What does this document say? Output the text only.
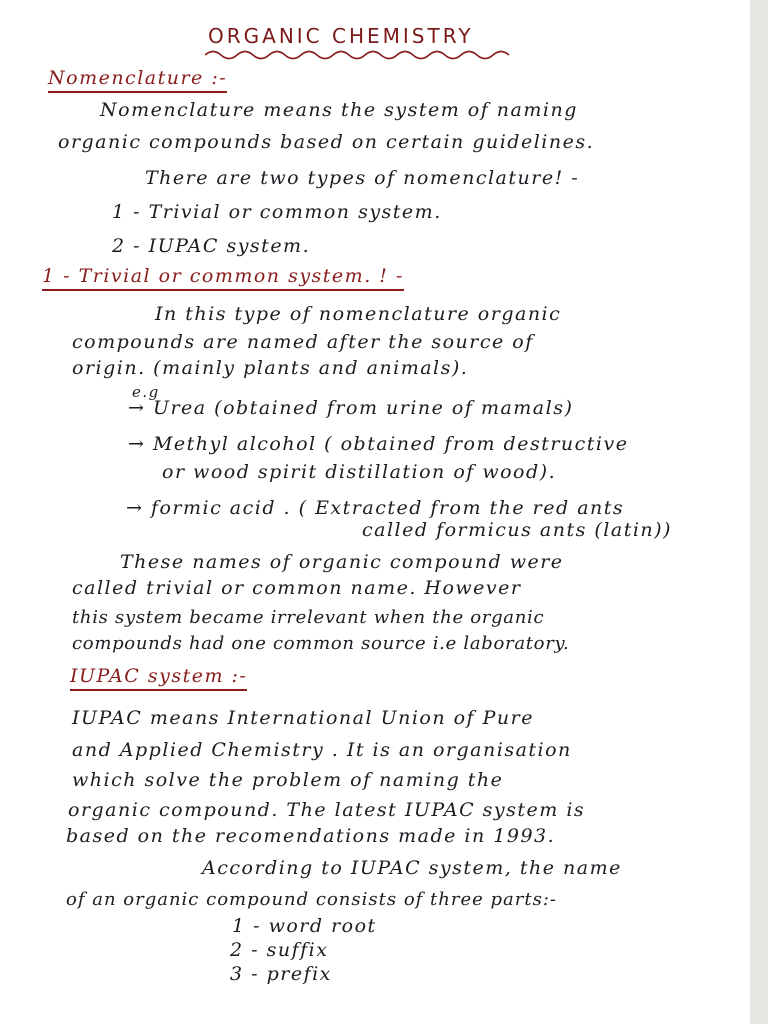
ORGANIC CHEMISTRY
Nomenclature :-
Nomenclature means the system of naming
organic compounds based on certain guidelines.
There are two types of nomenclature! -
1 - Trivial or common system.
2 - IUPAC system.
1 - Trivial or common system. ! -
In this type of nomenclature organic
compounds are named after the source of
origin. (mainly plants and animals).
e.g
→ Urea (obtained from urine of mamals)
→ Methyl alcohol ( obtained from destructive
or wood spirit distillation of wood).
→ formic acid . ( Extracted from the red ants
called formicus ants (latin))
These names of organic compound were
called trivial or common name. However
this system became irrelevant when the organic
compounds had one common source i.e laboratory.
IUPAC system :-
IUPAC means International Union of Pure
and Applied Chemistry . It is an organisation
which solve the problem of naming the
organic compound. The latest IUPAC system is
based on the recomendations made in 1993.
According to IUPAC system, the name
of an organic compound consists of three parts:-
1 - word root
2 - suffix
3 - prefix
